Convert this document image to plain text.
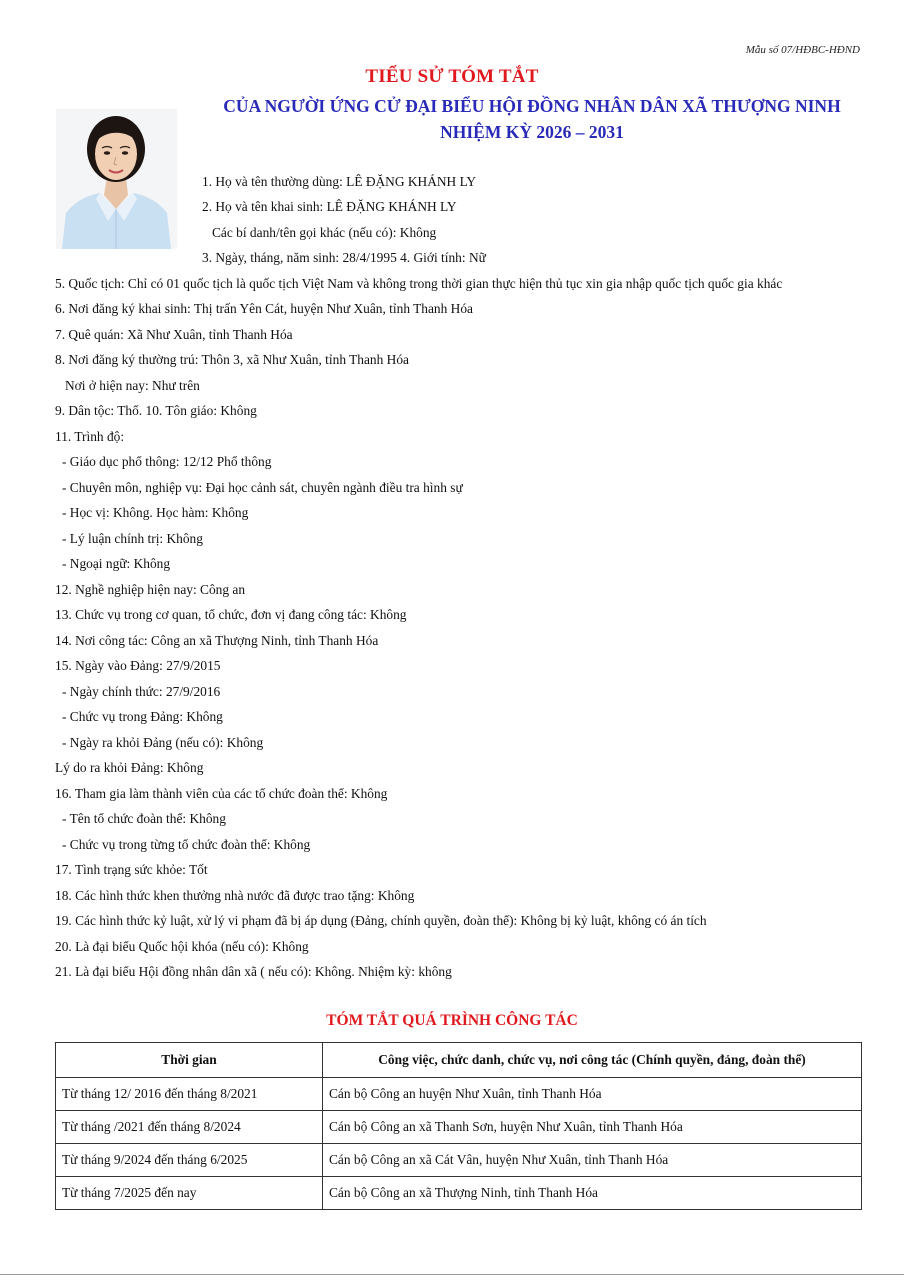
Mẫu số 07/HĐBC-HĐND
TIỂU SỬ TÓM TẮT
CỦA NGƯỜI ỨNG CỬ ĐẠI BIỂU HỘI ĐỒNG NHÂN DÂN XÃ THƯỢNG NINH
NHIỆM KỲ 2026 – 2031
1. Họ và tên thường dùng: LÊ ĐẶNG KHÁNH LY
2. Họ và tên khai sinh: LÊ ĐẶNG KHÁNH LY
Các bí danh/tên gọi khác (nếu có): Không
3. Ngày, tháng, năm sinh: 28/4/1995 4. Giới tính: Nữ
5. Quốc tịch: Chỉ có 01 quốc tịch là quốc tịch Việt Nam và không trong thời gian thực hiện thủ tục xin gia nhập quốc tịch quốc gia khác
6. Nơi đăng ký khai sinh: Thị trấn Yên Cát, huyện Như Xuân, tỉnh Thanh Hóa
7. Quê quán: Xã Như Xuân, tỉnh Thanh Hóa
8. Nơi đăng ký thường trú: Thôn 3, xã Như Xuân, tỉnh Thanh Hóa
Nơi ở hiện nay: Như trên
9. Dân tộc: Thổ. 10. Tôn giáo: Không
11. Trình độ:
- Giáo dục phổ thông: 12/12 Phổ thông
- Chuyên môn, nghiệp vụ: Đại học cảnh sát, chuyên ngành điều tra hình sự
- Học vị: Không. Học hàm: Không
- Lý luận chính trị: Không
- Ngoại ngữ: Không
12. Nghề nghiệp hiện nay: Công an
13. Chức vụ trong cơ quan, tổ chức, đơn vị đang công tác: Không
14. Nơi công tác: Công an xã Thượng Ninh, tỉnh Thanh Hóa
15. Ngày vào Đảng: 27/9/2015
- Ngày chính thức: 27/9/2016
- Chức vụ trong Đảng: Không
- Ngày ra khỏi Đảng (nếu có): Không
Lý do ra khỏi Đảng: Không
16. Tham gia làm thành viên của các tổ chức đoàn thể: Không
- Tên tổ chức đoàn thể: Không
- Chức vụ trong từng tổ chức đoàn thể: Không
17. Tình trạng sức khỏe: Tốt
18. Các hình thức khen thưởng nhà nước đã được trao tặng: Không
19. Các hình thức kỷ luật, xử lý vi phạm đã bị áp dụng (Đảng, chính quyền, đoàn thể): Không bị kỷ luật, không có án tích
20. Là đại biểu Quốc hội khóa (nếu có): Không
21. Là đại biểu Hội đồng nhân dân xã ( nếu có): Không. Nhiệm kỳ: không
TÓM TẮT QUÁ TRÌNH CÔNG TÁC
Thời gian	Công việc, chức danh, chức vụ, nơi công tác (Chính quyền, đảng, đoàn thể)
Từ tháng 12/ 2016 đến tháng 8/2021	Cán bộ Công an huyện Như Xuân, tỉnh Thanh Hóa
Từ tháng /2021 đến tháng 8/2024	Cán bộ Công an xã Thanh Sơn, huyện Như Xuân, tỉnh Thanh Hóa
Từ tháng 9/2024 đến tháng 6/2025	Cán bộ Công an xã Cát Vân, huyện Như Xuân, tỉnh Thanh Hóa
Từ tháng 7/2025 đến nay	Cán bộ Công an xã Thượng Ninh, tỉnh Thanh Hóa
